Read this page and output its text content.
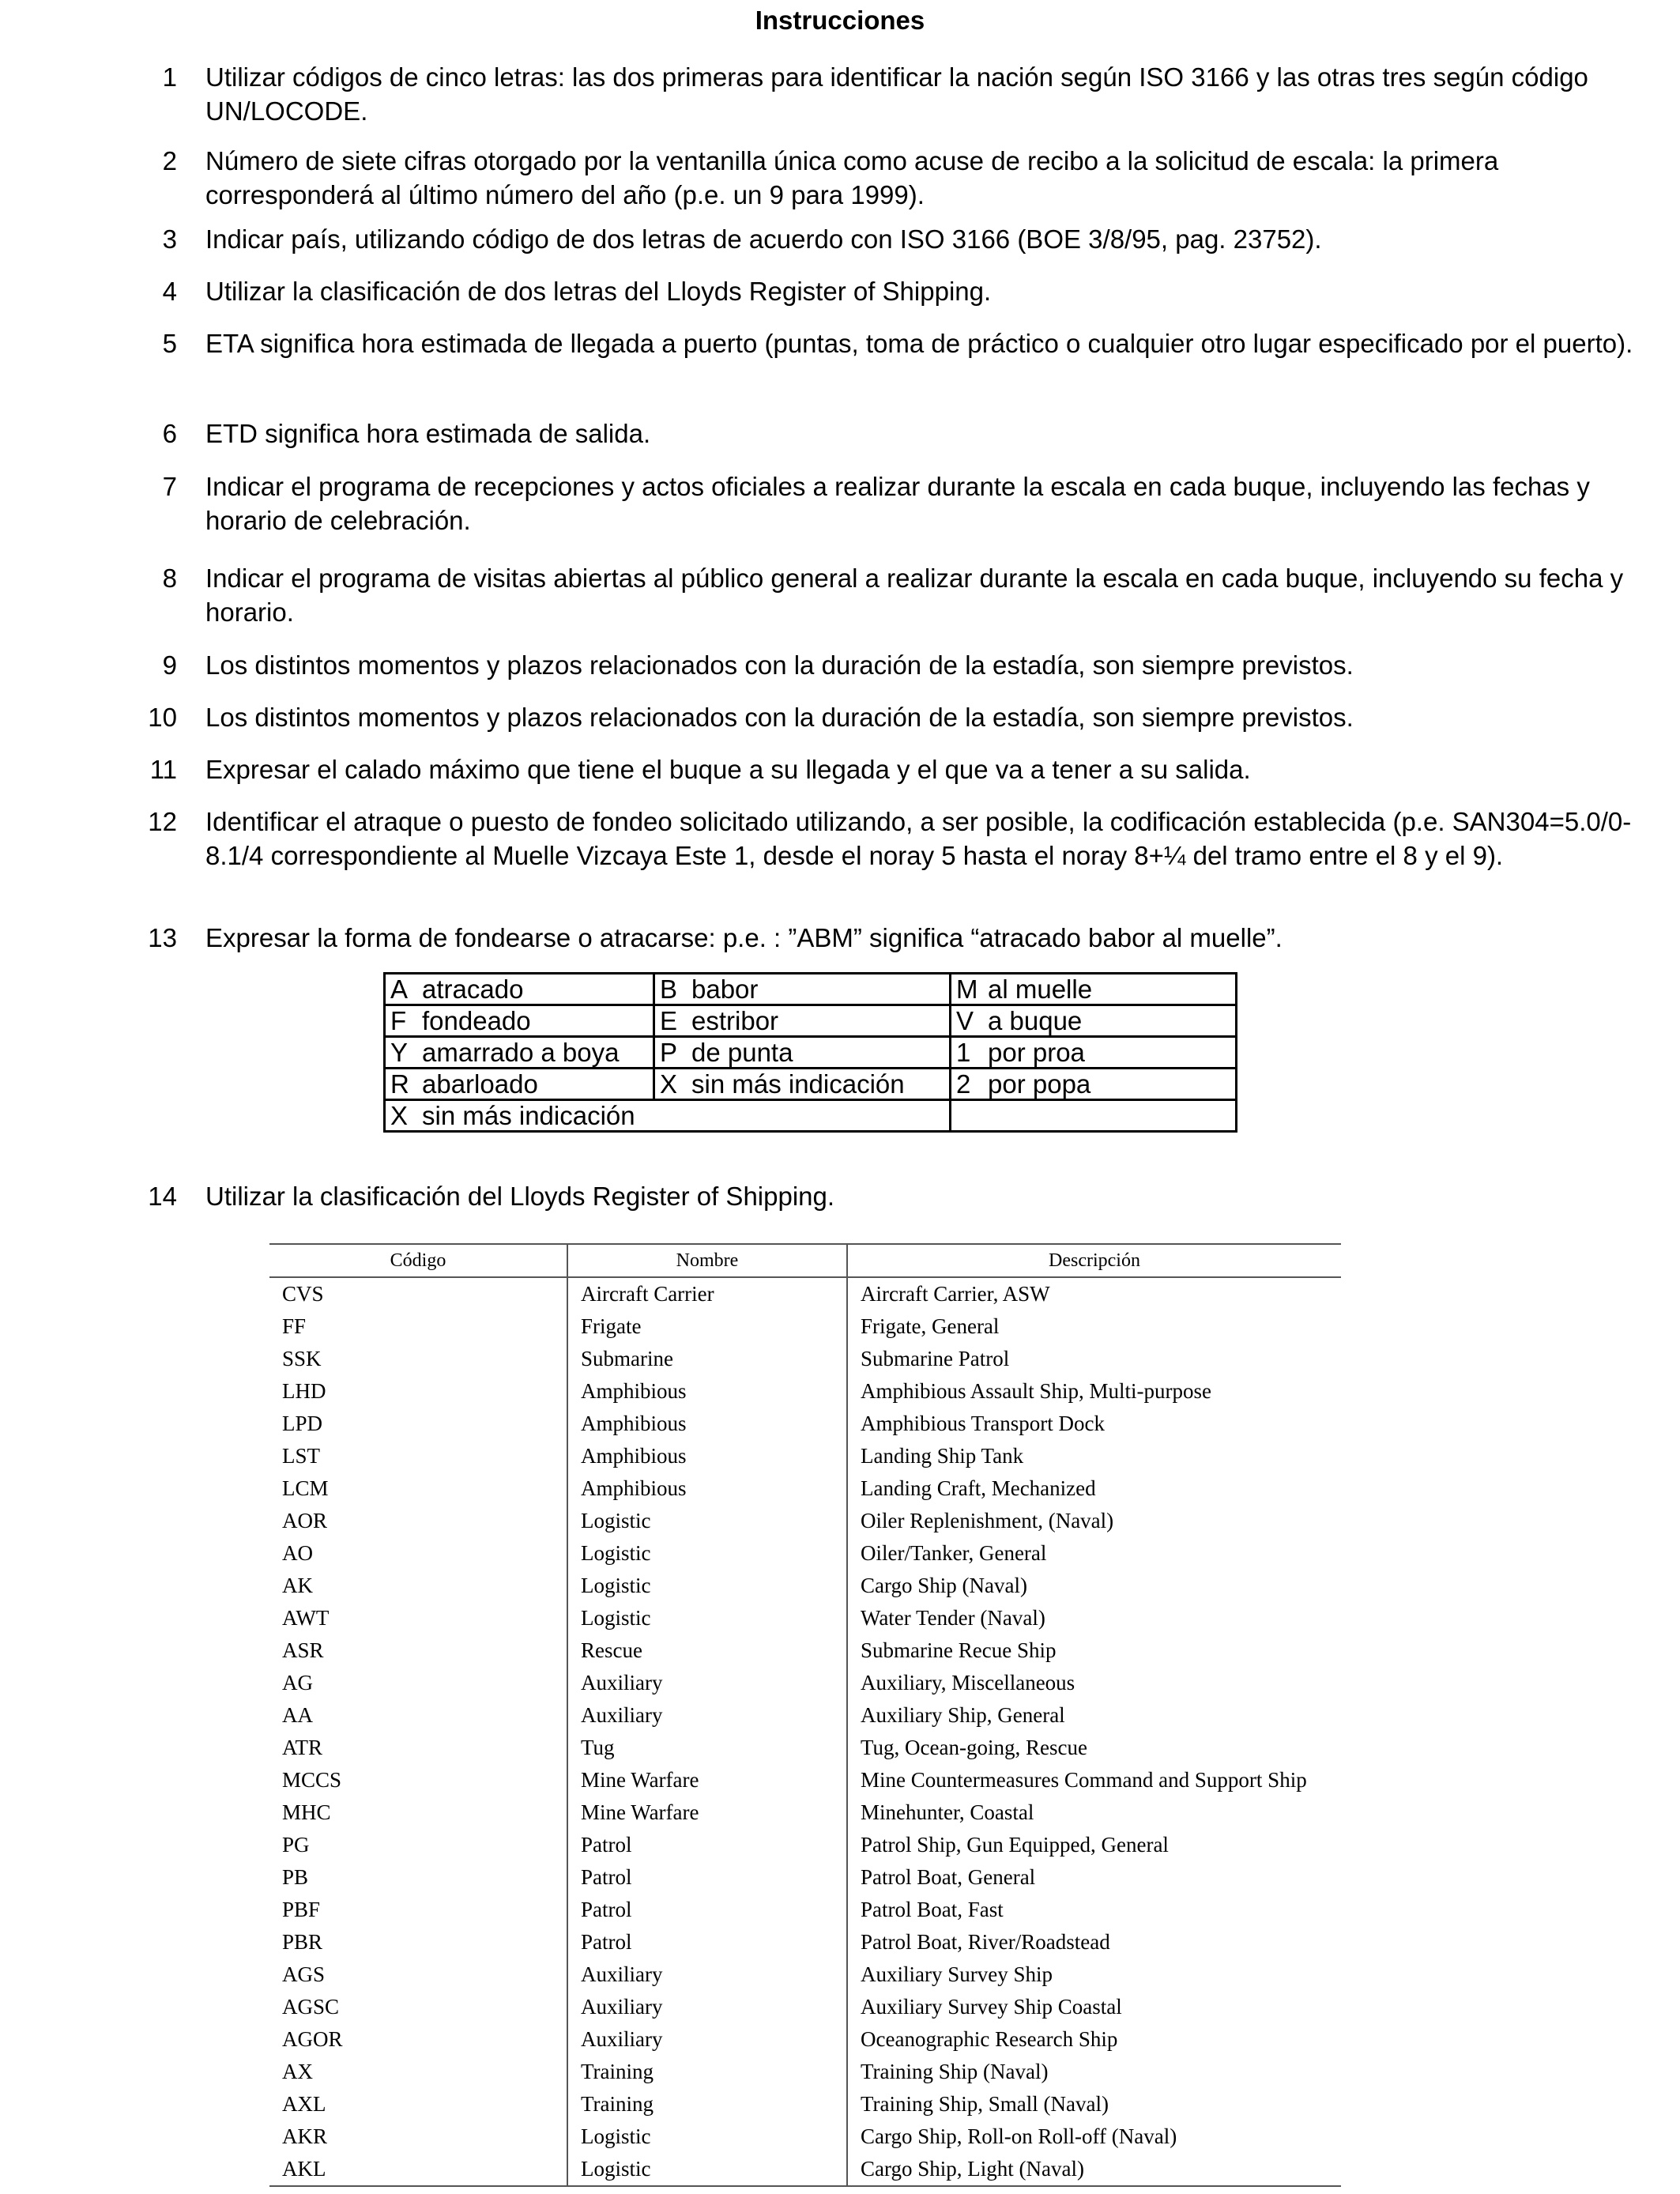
Instrucciones
1 Utilizar códigos de cinco letras: las dos primeras para identificar la nación según ISO 3166 y las otras tres según código UN/LOCODE.
2 Número de siete cifras otorgado por la ventanilla única como acuse de recibo a la solicitud de escala: la primera corresponderá al último número del año (p.e. un 9 para 1999).
3 Indicar país, utilizando código de dos letras de acuerdo con ISO 3166 (BOE 3/8/95, pag. 23752).
4 Utilizar la clasificación de dos letras del Lloyds Register of Shipping.
5 ETA significa hora estimada de llegada a puerto (puntas, toma de práctico o cualquier otro lugar especificado por el puerto).
6 ETD significa hora estimada de salida.
7 Indicar el programa de recepciones y actos oficiales a realizar durante la escala en cada buque, incluyendo las fechas y horario de celebración.
8 Indicar el programa de visitas abiertas al público general a realizar durante la escala en cada buque, incluyendo su fecha y horario.
9 Los distintos momentos y plazos relacionados con la duración de la estadía, son siempre previstos.
10 Los distintos momentos y plazos relacionados con la duración de la estadía, son siempre previstos.
11 Expresar el calado máximo que tiene el buque a su llegada y el que va a tener a su salida.
12 Identificar el atraque o puesto de fondeo solicitado utilizando, a ser posible, la codificación establecida (p.e. SAN304=5.0/0-8.1/4 correspondiente al Muelle Vizcaya Este 1, desde el noray 5 hasta el noray 8+¼ del tramo entre el 8 y el 9).
13 Expresar la forma de fondearse o atracarse: p.e. : ”ABM” significa “atracado babor al muelle”.
A atracado	B babor	M al muelle
F fondeado	E estribor	V a buque
Y amarrado a boya	P de punta	1 por proa
R abarloado	X sin más indicación	2 por popa
X sin más indicación		
14 Utilizar la clasificación del Lloyds Register of Shipping.
Código	Nombre	Descripción
CVS	Aircraft Carrier	Aircraft Carrier, ASW
FF	Frigate	Frigate, General
SSK	Submarine	Submarine Patrol
LHD	Amphibious	Amphibious Assault Ship, Multi-purpose
LPD	Amphibious	Amphibious Transport Dock
LST	Amphibious	Landing Ship Tank
LCM	Amphibious	Landing Craft, Mechanized
AOR	Logistic	Oiler Replenishment, (Naval)
AO	Logistic	Oiler/Tanker, General
AK	Logistic	Cargo Ship (Naval)
AWT	Logistic	Water Tender (Naval)
ASR	Rescue	Submarine Recue Ship
AG	Auxiliary	Auxiliary, Miscellaneous
AA	Auxiliary	Auxiliary Ship, General
ATR	Tug	Tug, Ocean-going, Rescue
MCCS	Mine Warfare	Mine Countermeasures Command and Support Ship
MHC	Mine Warfare	Minehunter, Coastal
PG	Patrol	Patrol Ship, Gun Equipped, General
PB	Patrol	Patrol Boat, General
PBF	Patrol	Patrol Boat, Fast
PBR	Patrol	Patrol Boat, River/Roadstead
AGS	Auxiliary	Auxiliary Survey Ship
AGSC	Auxiliary	Auxiliary Survey Ship Coastal
AGOR	Auxiliary	Oceanographic Research Ship
AX	Training	Training Ship (Naval)
AXL	Training	Training Ship, Small (Naval)
AKR	Logistic	Cargo Ship, Roll-on Roll-off (Naval)
AKL	Logistic	Cargo Ship, Light (Naval)
